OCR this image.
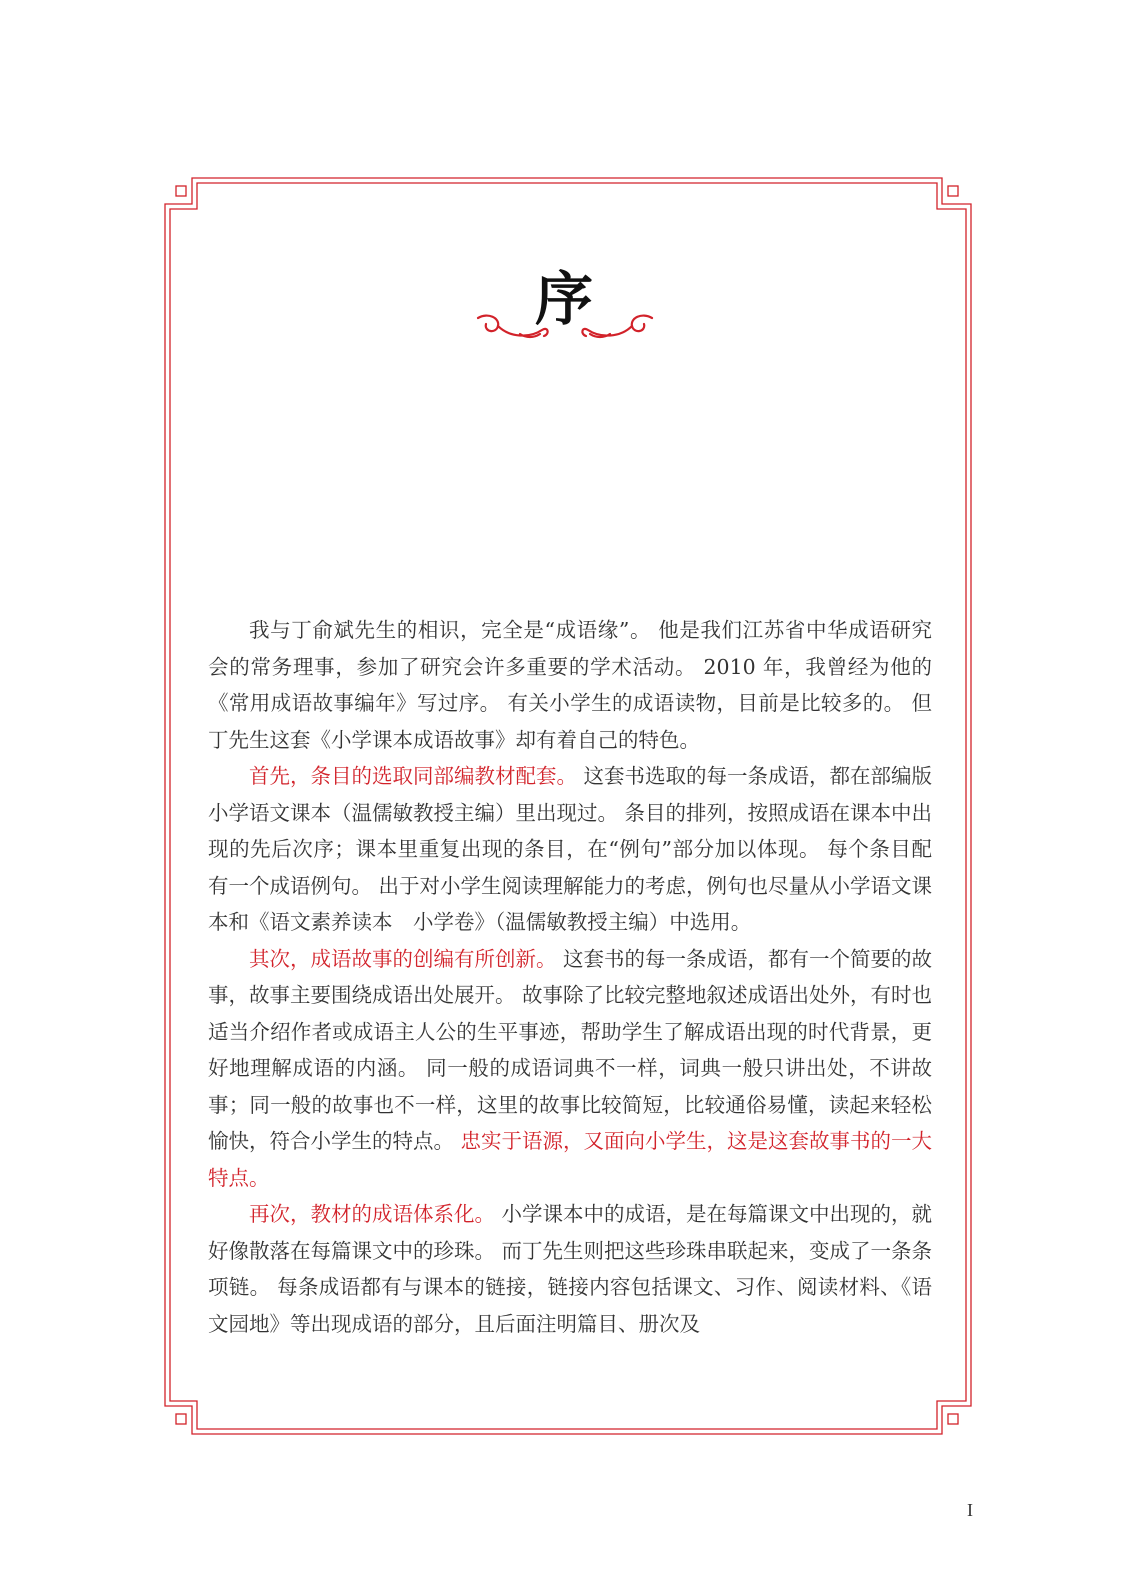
序

我与丁俞斌先生的相识，完全是“成语缘”。 他是我们江苏省中华成语研究会的常务理事，参加了研究会许多重要的学术活动。 2010 年，我曾经为他的《常用成语故事编年》写过序。 有关小学生的成语读物，目前是比较多的。 但丁先生这套《小学课本成语故事》却有着自己的特色。

首先，条目的选取同部编教材配套。 这套书选取的每一条成语，都在部编版小学语文课本（温儒敏教授主编）里出现过。 条目的排列，按照成语在课本中出现的先后次序；课本里重复出现的条目，在“例句”部分加以体现。 每个条目配有一个成语例句。 出于对小学生阅读理解能力的考虑，例句也尽量从小学语文课本和《语文素养读本　小学卷》（温儒敏教授主编）中选用。

其次，成语故事的创编有所创新。 这套书的每一条成语，都有一个简要的故事，故事主要围绕成语出处展开。 故事除了比较完整地叙述成语出处外，有时也适当介绍作者或成语主人公的生平事迹，帮助学生了解成语出现的时代背景，更好地理解成语的内涵。 同一般的成语词典不一样，词典一般只讲出处，不讲故事；同一般的故事也不一样，这里的故事比较简短，比较通俗易懂，读起来轻松愉快，符合小学生的特点。 忠实于语源，又面向小学生，这是这套故事书的一大特点。

再次，教材的成语体系化。 小学课本中的成语，是在每篇课文中出现的，就好像散落在每篇课文中的珍珠。 而丁先生则把这些珍珠串联起来，变成了一条条项链。 每条成语都有与课本的链接，链接内容包括课文、习作、阅读材料、《语文园地》等出现成语的部分，且后面注明篇目、册次及

I
